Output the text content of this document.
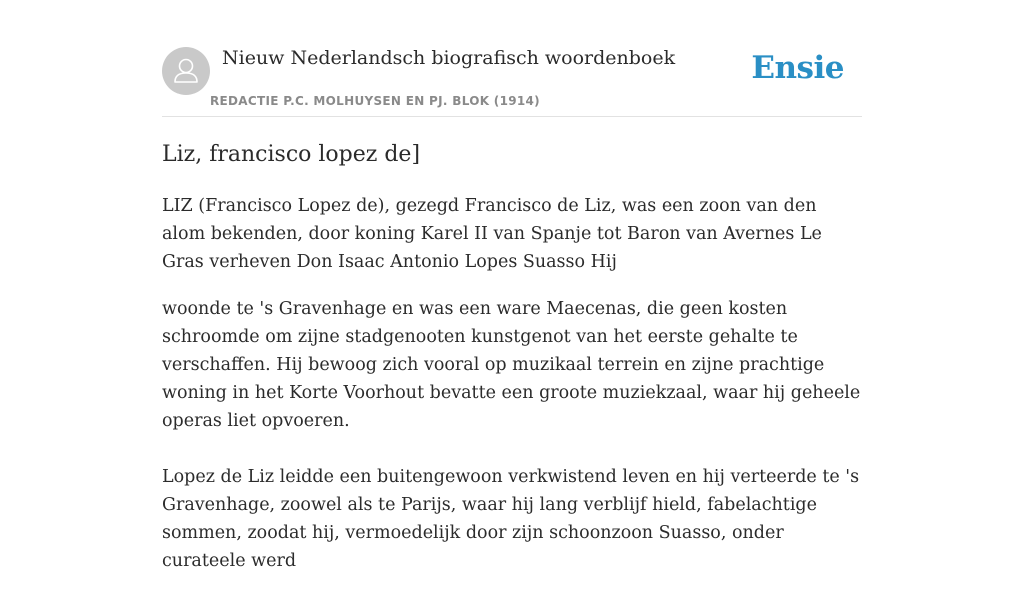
Nieuw Nederlandsch biografisch woordenboek
REDACTIE P.C. MOLHUYSEN EN PJ. BLOK (1914)
Ensie
Liz, francisco lopez de]

LIZ (Francisco Lopez de), gezegd Francisco de Liz, was een zoon van den alom bekenden, door koning Karel II van Spanje tot Baron van Avernes Le Gras verheven Don Isaac Antonio Lopes Suasso Hij

woonde te 's Gravenhage en was een ware Maecenas, die geen kosten schroomde om zijne stadgenooten kunstgenot van het eerste gehalte te verschaffen. Hij bewoog zich vooral op muzikaal terrein en zijne prachtige woning in het Korte Voorhout bevatte een groote muziekzaal, waar hij geheele operas liet opvoeren.

Lopez de Liz leidde een buitengewoon verkwistend leven en hij verteerde te 's Gravenhage, zoowel als te Parijs, waar hij lang verblijf hield, fabelachtige sommen, zoodat hij, vermoedelijk door zijn schoonzoon Suasso, onder curateele werd
